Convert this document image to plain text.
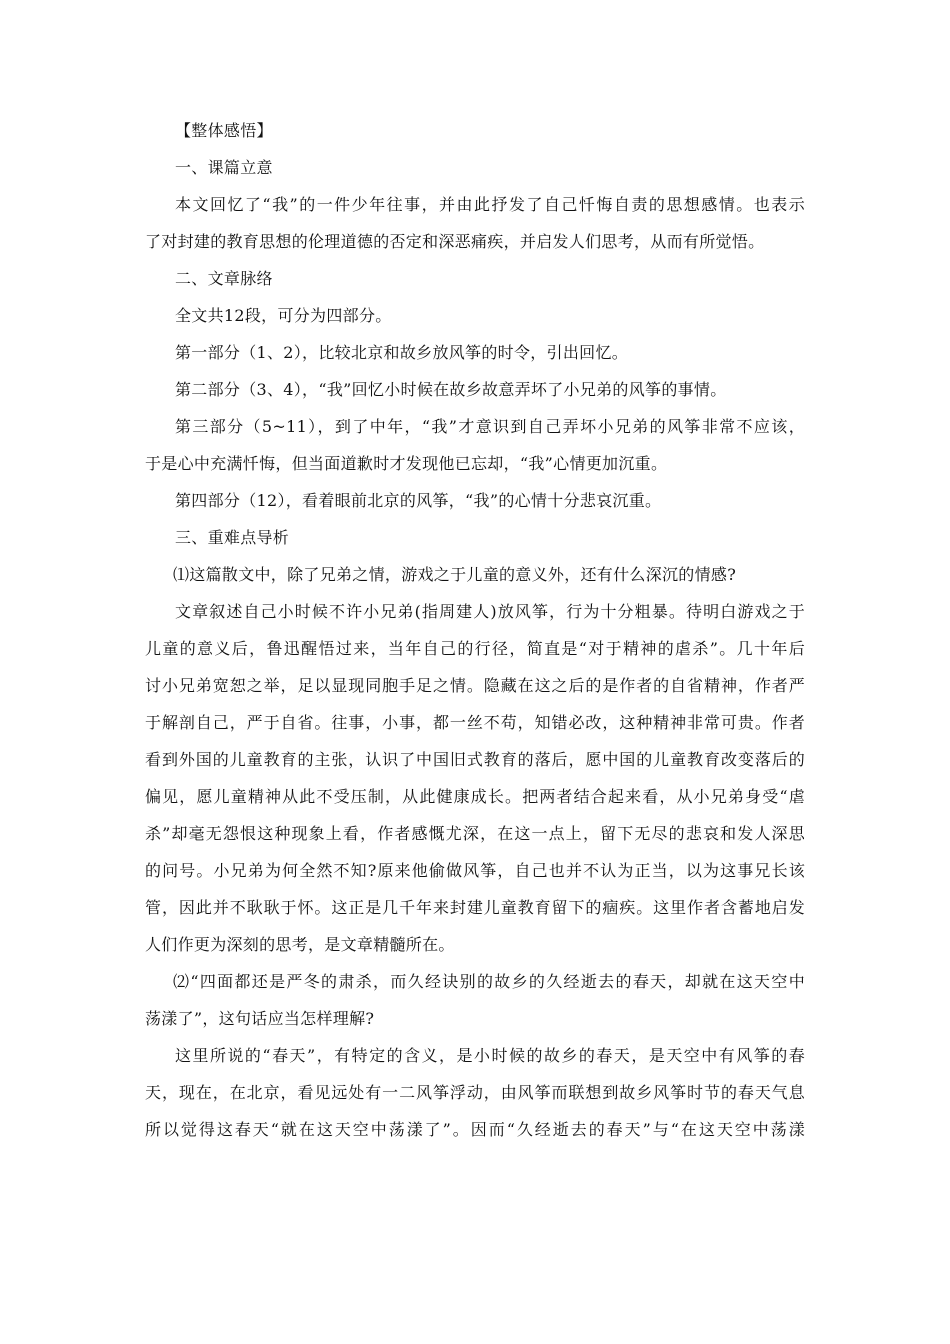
【整体感悟】
一、课篇立意
本文回忆了“我”的一件少年往事，并由此抒发了自己忏悔自责的思想感情。也表示
了对封建的教育思想的伦理道德的否定和深恶痛疾，并启发人们思考，从而有所觉悟。
二、文章脉络
全文共12段，可分为四部分。
第一部分（1、2），比较北京和故乡放风筝的时令，引出回忆。
第二部分（3、4），“我”回忆小时候在故乡故意弄坏了小兄弟的风筝的事情。
第三部分（5~11），到了中年，“我”才意识到自己弄坏小兄弟的风筝非常不应该，
于是心中充满忏悔，但当面道歉时才发现他已忘却，“我”心情更加沉重。
第四部分（12），看着眼前北京的风筝，“我”的心情十分悲哀沉重。
三、重难点导析
⑴这篇散文中，除了兄弟之情，游戏之于儿童的意义外，还有什么深沉的情感?
文章叙述自己小时候不许小兄弟(指周建人)放风筝，行为十分粗暴。待明白游戏之于
儿童的意义后，鲁迅醒悟过来，当年自己的行径，简直是“对于精神的虐杀”。几十年后
讨小兄弟宽恕之举，足以显现同胞手足之情。隐藏在这之后的是作者的自省精神，作者严
于解剖自己，严于自省。往事，小事，都一丝不苟，知错必改，这种精神非常可贵。作者
看到外国的儿童教育的主张，认识了中国旧式教育的落后，愿中国的儿童教育改变落后的
偏见，愿儿童精神从此不受压制，从此健康成长。把两者结合起来看，从小兄弟身受“虐
杀”却毫无怨恨这种现象上看，作者感慨尤深，在这一点上，留下无尽的悲哀和发人深思
的问号。小兄弟为何全然不知?原来他偷做风筝，自己也并不认为正当，以为这事兄长该
管，因此并不耿耿于怀。这正是几千年来封建儿童教育留下的痼疾。这里作者含蓄地启发
人们作更为深刻的思考，是文章精髓所在。
⑵“四面都还是严冬的肃杀，而久经诀别的故乡的久经逝去的春天，却就在这天空中
荡漾了”，这句话应当怎样理解?
这里所说的“春天”，有特定的含义，是小时候的故乡的春天，是天空中有风筝的春
天，现在，在北京，看见远处有一二风筝浮动，由风筝而联想到故乡风筝时节的春天气息
所以觉得这春天“就在这天空中荡漾了”。因而“久经逝去的春天”与“在这天空中荡漾
